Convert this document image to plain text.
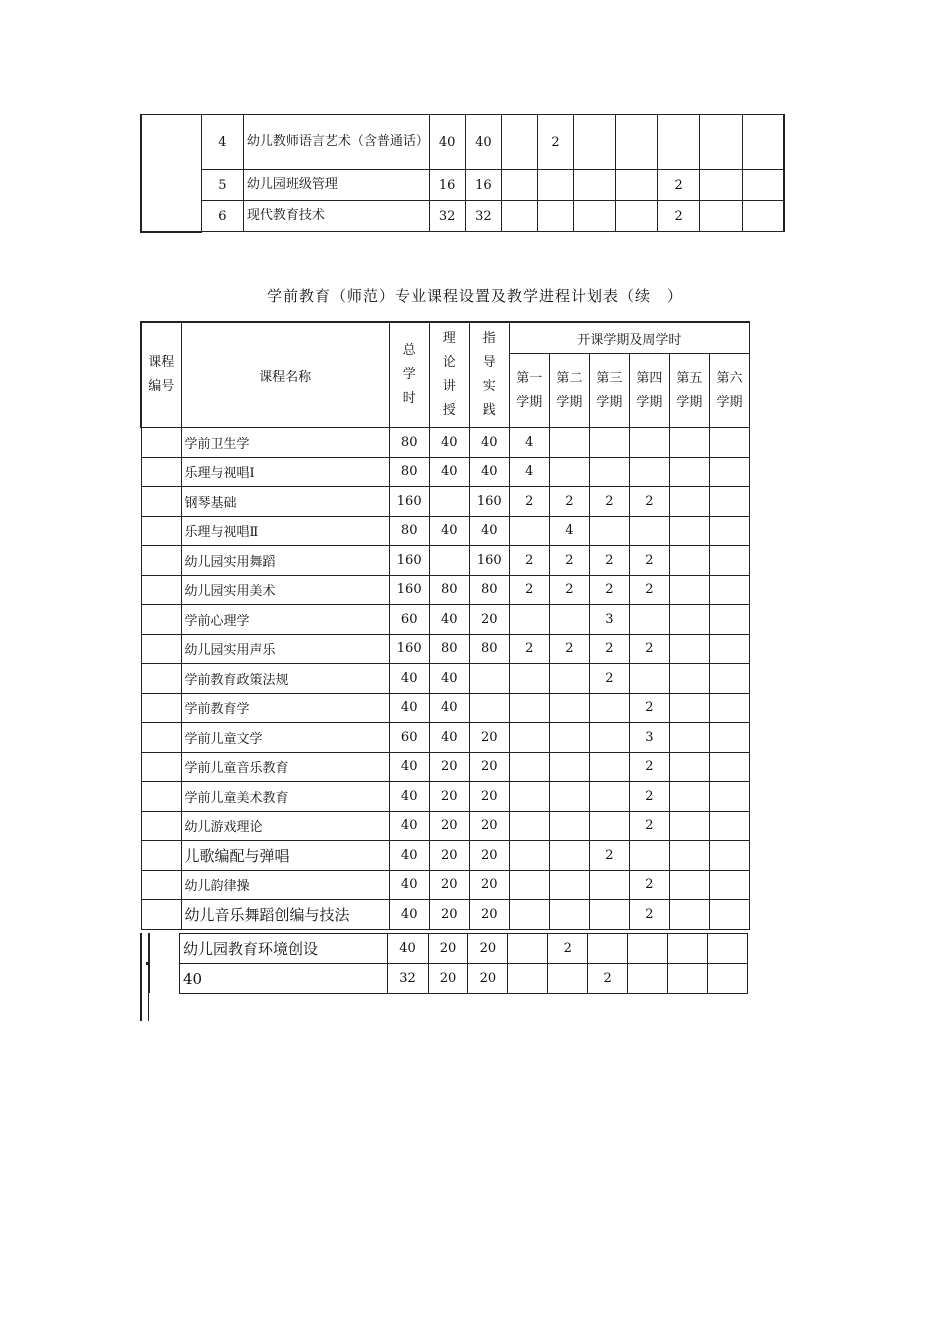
	4	幼儿教师语言艺术（含普通话）	40	40		2					
	5	幼儿园班级管理	16	16					2		
	6	现代教育技术	32	32					2		
学前教育（师范）专业课程设置及教学进程计划表（续　）
课程编号	课程名称	总学时	理论讲授	指导实践	开课学期及周学时					
					第一学期	第二学期	第三学期	第四学期	第五学期	第六学期
	学前卫生学	80	40	40	4					
	乐理与视唱Ⅰ	80	40	40	4					
	钢琴基础	160		160	2	2	2	2		
	乐理与视唱Ⅱ	80	40	40		4				
	幼儿园实用舞蹈	160		160	2	2	2	2		
	幼儿园实用美术	160	80	80	2	2	2	2		
	学前心理学	60	40	20			3			
	幼儿园实用声乐	160	80	80	2	2	2	2		
	学前教育政策法规	40	40				2			
	学前教育学	40	40					2		
	学前儿童文学	60	40	20				3		
	学前儿童音乐教育	40	20	20				2		
	学前儿童美术教育	40	20	20				2		
	幼儿游戏理论	40	20	20				2		
	儿歌编配与弹唱	40	20	20			2			
	幼儿韵律操	40	20	20				2		
	幼儿音乐舞蹈创编与技法	40	20	20				2		
幼儿园教育环境创设	40	20	20		2				
40	32	20	20			2			
